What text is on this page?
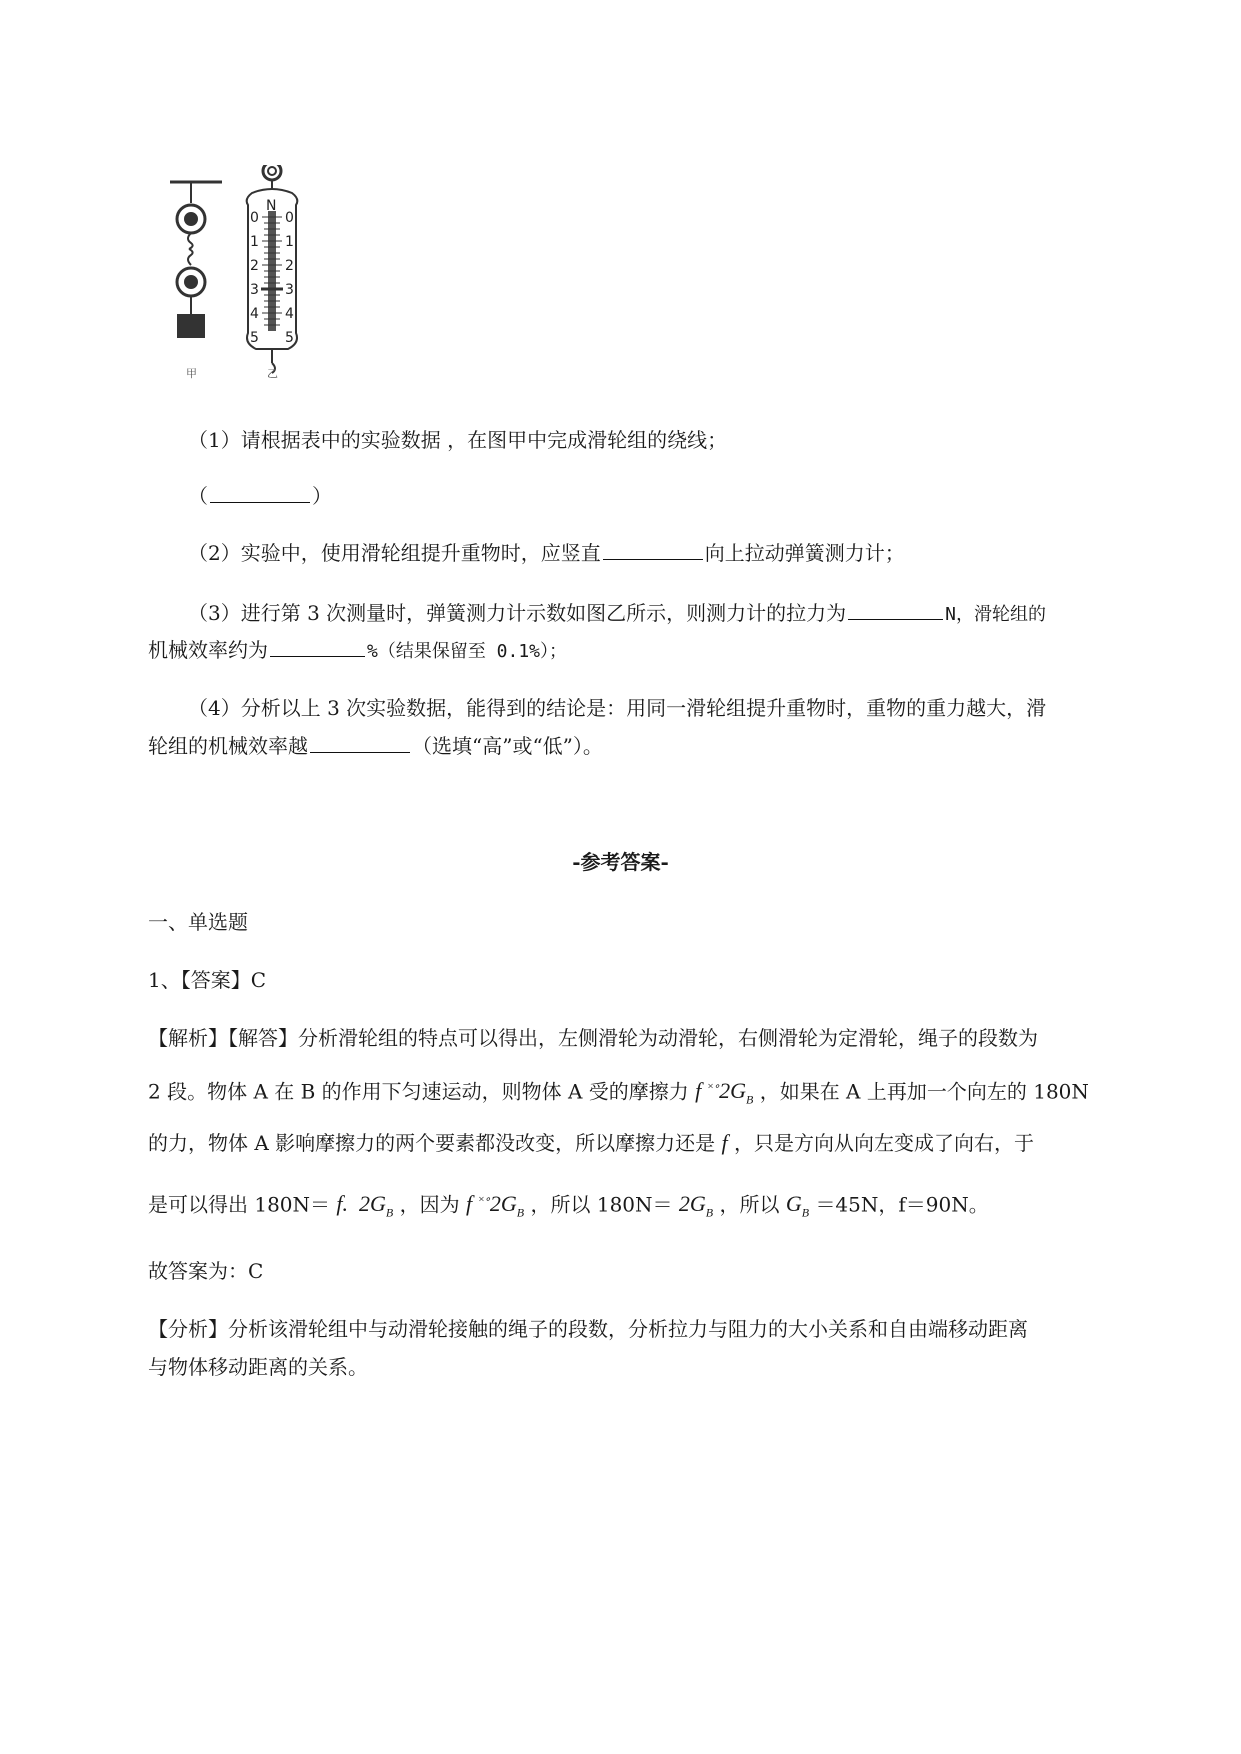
N
0
1
2
3
4
5
0
1
2
3
4
5
甲	乙
（1）请根据表中的实验数据 ，在图甲中完成滑轮组的绕线；
（	）
（2）实验中，使用滑轮组提升重物时，应竖直	向上拉动弹簧测力计；
（3）进行第 3 次测量时，弹簧测力计示数如图乙所示，则测力计的拉力为	N，滑轮组的
机械效率约为	%（结果保留至 0.1%）；
（4）分析以上 3 次实验数据，能得到的结论是：用同一滑轮组提升重物时，重物的重力越大，滑
轮组的机械效率越	（选填“高”或“低”）。
-参考答案-
一、单选题
1、【答案】C
【解析】【解答】分析滑轮组的特点可以得出，左侧滑轮为动滑轮，右侧滑轮为定滑轮，绳子的段数为
2 段。物体 A 在 B 的作用下匀速运动，则物体 A 受的摩擦力 f $^{\times\circ}2G_B$ ，如果在 A 上再加一个向左的 180N
的力，物体 A 影响摩擦力的两个要素都没改变，所以摩擦力还是 f ，只是方向从向左变成了向右，于
是可以得出 180N＝ f. $2G_B$ ，因为 f $^{\times\circ}2G_B$ ，所以 $180N= 2G_B$ ，所以 $G_B =45N$，f＝90N。
故答案为：C
【分析】分析该滑轮组中与动滑轮接触的绳子的段数，分析拉力与阻力的大小关系和自由端移动距离
与物体移动距离的关系。
